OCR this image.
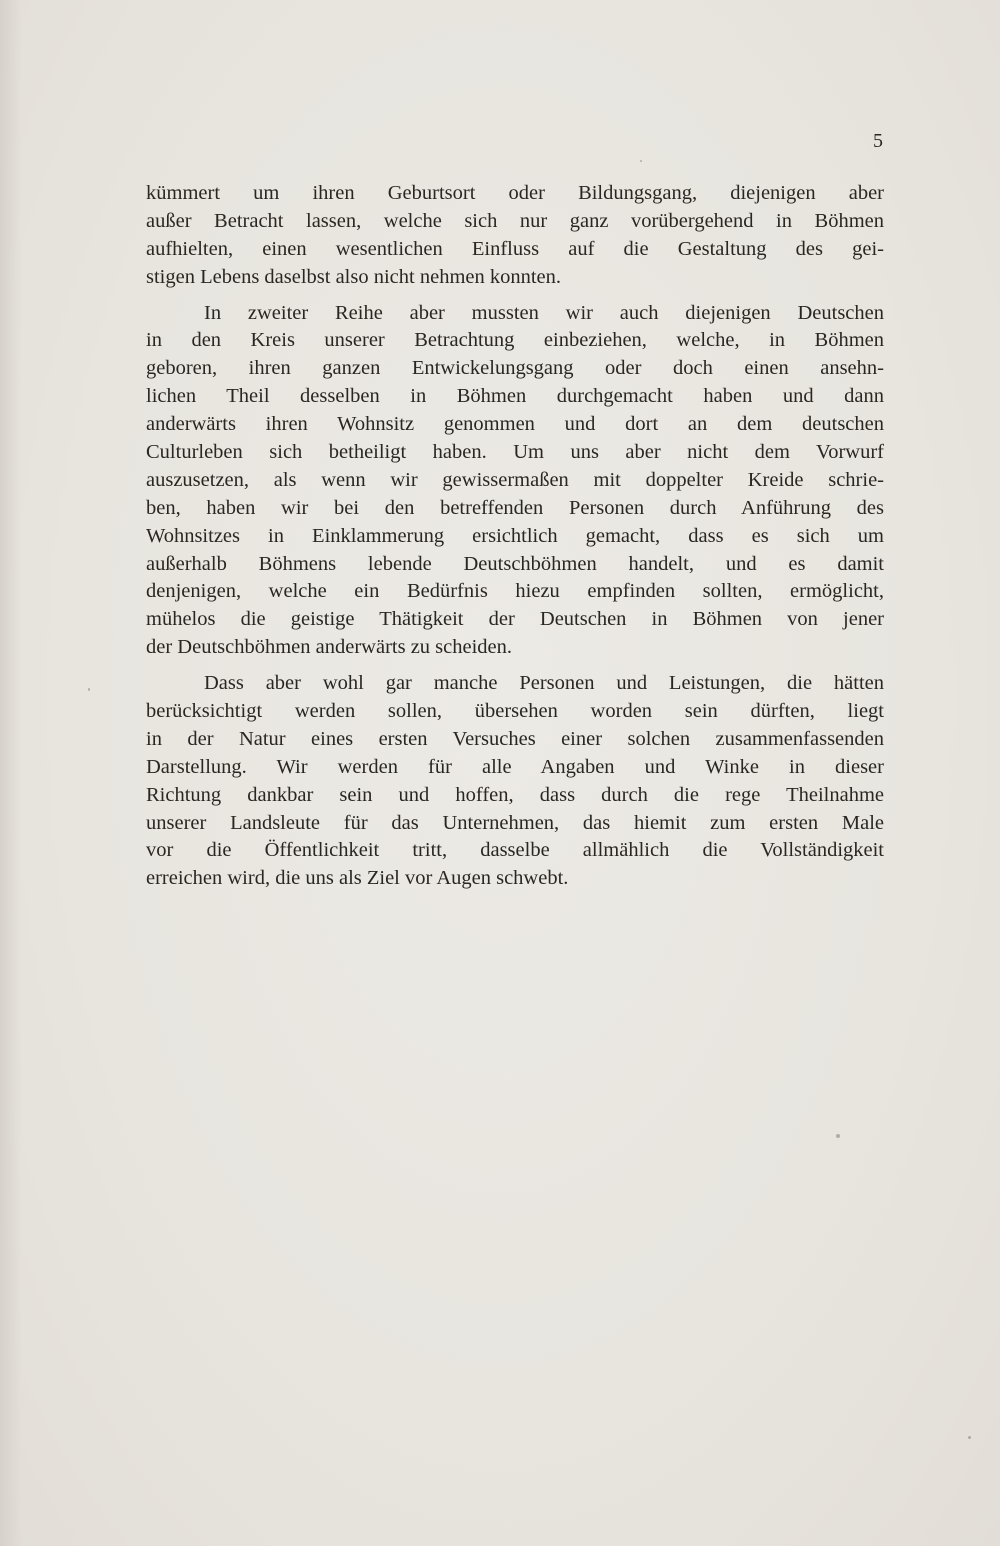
5
kümmert um ihren Geburtsort oder Bildungsgang, diejenigen aber
außer Betracht lassen, welche sich nur ganz vorübergehend in Böhmen
aufhielten, einen wesentlichen Einfluss auf die Gestaltung des gei-
stigen Lebens daselbst also nicht nehmen konnten.
In zweiter Reihe aber mussten wir auch diejenigen Deutschen
in den Kreis unserer Betrachtung einbeziehen, welche, in Böhmen
geboren, ihren ganzen Entwickelungsgang oder doch einen ansehn-
lichen Theil desselben in Böhmen durchgemacht haben und dann
anderwärts ihren Wohnsitz genommen und dort an dem deutschen
Culturleben sich betheiligt haben. Um uns aber nicht dem Vorwurf
auszusetzen, als wenn wir gewissermaßen mit doppelter Kreide schrie-
ben, haben wir bei den betreffenden Personen durch Anführung des
Wohnsitzes in Einklammerung ersichtlich gemacht, dass es sich um
außerhalb Böhmens lebende Deutschböhmen handelt, und es damit
denjenigen, welche ein Bedürfnis hiezu empfinden sollten, ermöglicht,
mühelos die geistige Thätigkeit der Deutschen in Böhmen von jener
der Deutschböhmen anderwärts zu scheiden.
Dass aber wohl gar manche Personen und Leistungen, die hätten
berücksichtigt werden sollen, übersehen worden sein dürften, liegt
in der Natur eines ersten Versuches einer solchen zusammenfassenden
Darstellung. Wir werden für alle Angaben und Winke in dieser
Richtung dankbar sein und hoffen, dass durch die rege Theilnahme
unserer Landsleute für das Unternehmen, das hiemit zum ersten Male
vor die Öffentlichkeit tritt, dasselbe allmählich die Vollständigkeit
erreichen wird, die uns als Ziel vor Augen schwebt.
